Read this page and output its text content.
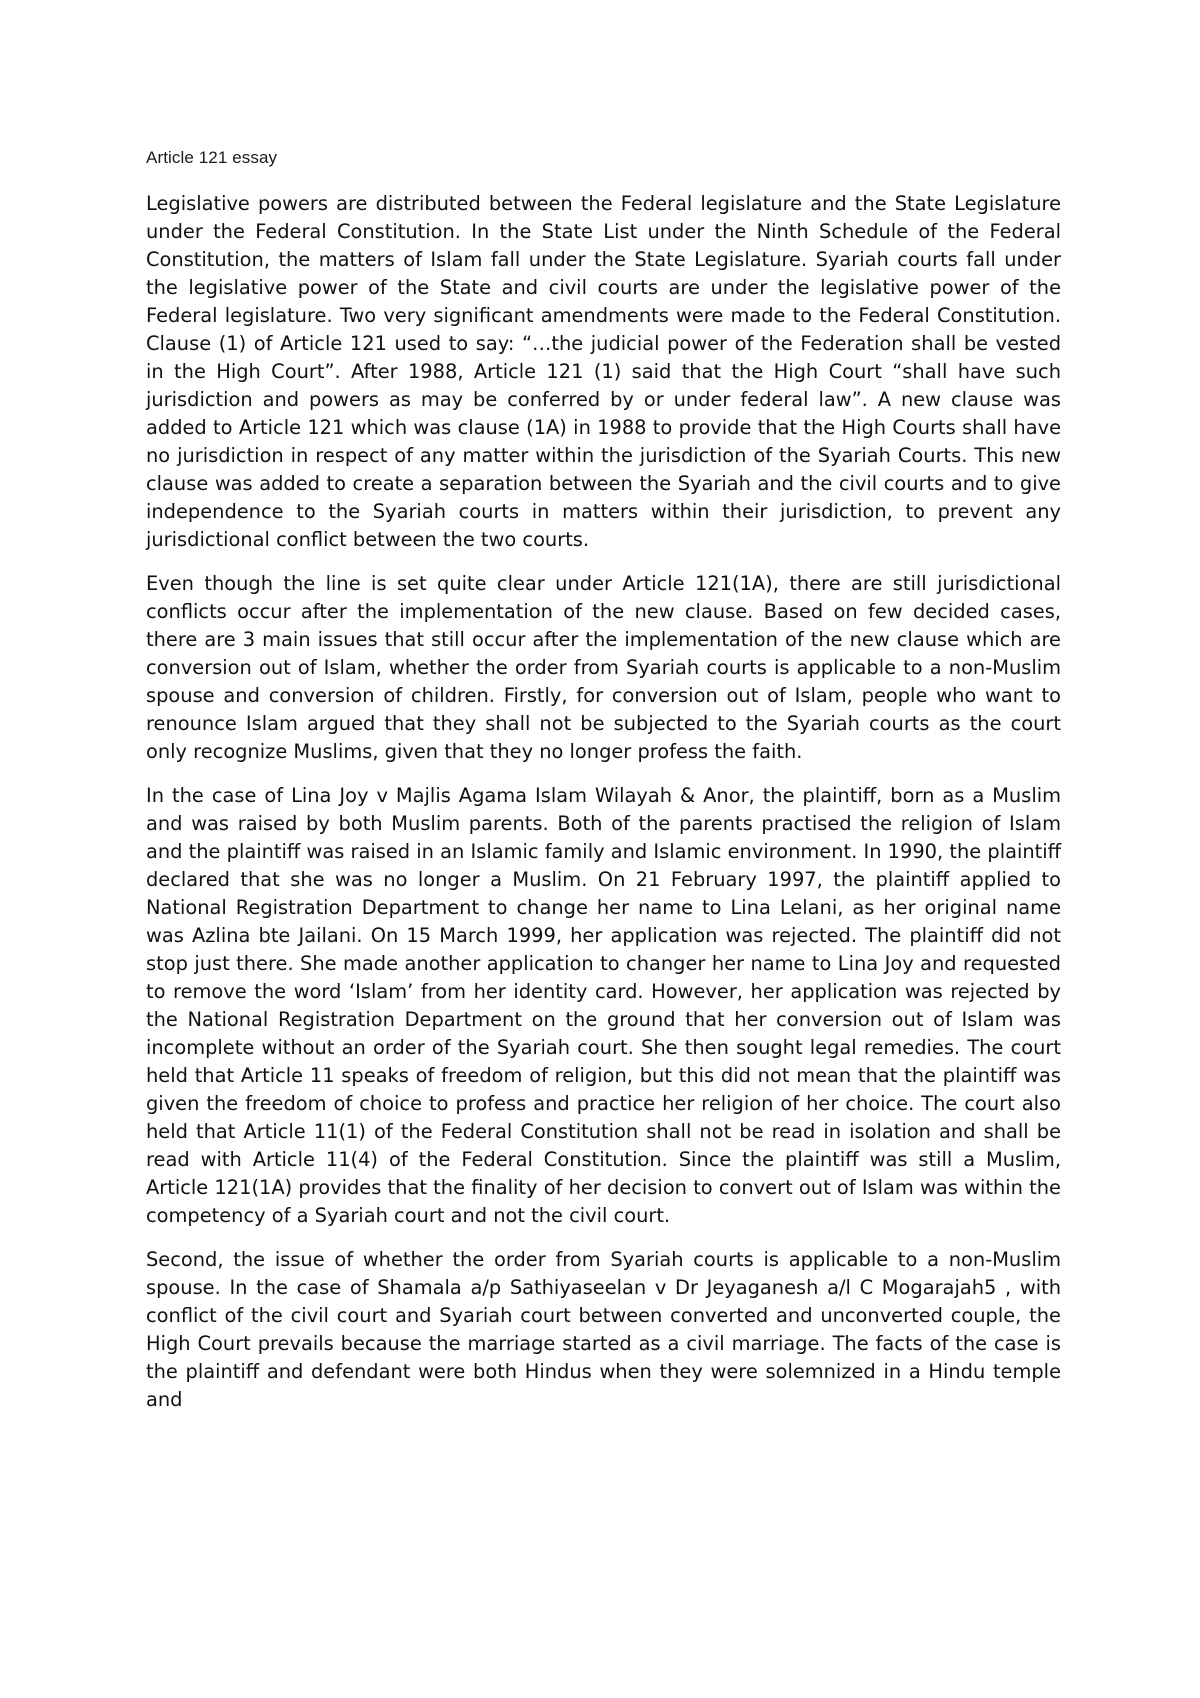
Article 121 essay

Legislative powers are distributed between the Federal legislature and the State Legislature under the Federal Constitution. In the State List under the Ninth Schedule of the Federal Constitution, the matters of Islam fall under the State Legislature. Syariah courts fall under the legislative power of the State and civil courts are under the legislative power of the Federal legislature. Two very significant amendments were made to the Federal Constitution. Clause (1) of Article 121 used to say: “…the judicial power of the Federation shall be vested in the High Court”. After 1988, Article 121 (1) said that the High Court “shall have such jurisdiction and powers as may be conferred by or under federal law”. A new clause was added to Article 121 which was clause (1A) in 1988 to provide that the High Courts shall have no jurisdiction in respect of any matter within the jurisdiction of the Syariah Courts. This new clause was added to create a separation between the Syariah and the civil courts and to give independence to the Syariah courts in matters within their jurisdiction, to prevent any jurisdictional conflict between the two courts.

Even though the line is set quite clear under Article 121(1A), there are still jurisdictional conflicts occur after the implementation of the new clause. Based on few decided cases, there are 3 main issues that still occur after the implementation of the new clause which are conversion out of Islam, whether the order from Syariah courts is applicable to a non-Muslim spouse and conversion of children. Firstly, for conversion out of Islam, people who want to renounce Islam argued that they shall not be subjected to the Syariah courts as the court only recognize Muslims, given that they no longer profess the faith.

In the case of Lina Joy v Majlis Agama Islam Wilayah & Anor, the plaintiff, born as a Muslim and was raised by both Muslim parents. Both of the parents practised the religion of Islam and the plaintiff was raised in an Islamic family and Islamic environment. In 1990, the plaintiff declared that she was no longer a Muslim. On 21 February 1997, the plaintiff applied to National Registration Department to change her name to Lina Lelani, as her original name was Azlina bte Jailani. On 15 March 1999, her application was rejected. The plaintiff did not stop just there. She made another application to changer her name to Lina Joy and requested to remove the word ‘Islam’ from her identity card. However, her application was rejected by the National Registration Department on the ground that her conversion out of Islam was incomplete without an order of the Syariah court. She then sought legal remedies. The court held that Article 11 speaks of freedom of religion, but this did not mean that the plaintiff was given the freedom of choice to profess and practice her religion of her choice. The court also held that Article 11(1) of the Federal Constitution shall not be read in isolation and shall be read with Article 11(4) of the Federal Constitution. Since the plaintiff was still a Muslim, Article 121(1A) provides that the finality of her decision to convert out of Islam was within the competency of a Syariah court and not the civil court.

Second, the issue of whether the order from Syariah courts is applicable to a non-Muslim spouse. In the case of Shamala a/p Sathiyaseelan v Dr Jeyaganesh a/l C Mogarajah5 , with conflict of the civil court and Syariah court between converted and unconverted couple, the High Court prevails because the marriage started as a civil marriage. The facts of the case is the plaintiff and defendant were both Hindus when they were solemnized in a Hindu temple and
